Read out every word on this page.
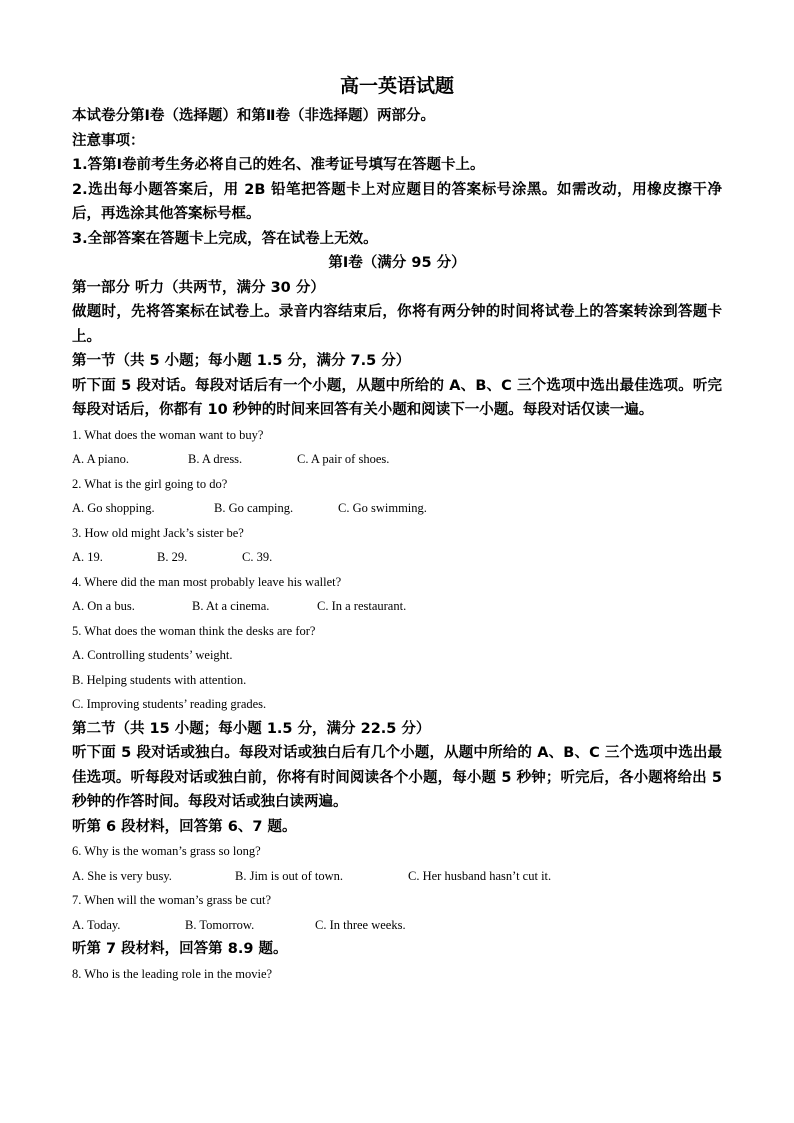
高一英语试题

本试卷分第Ⅰ卷（选择题）和第Ⅱ卷（非选择题）两部分。

注意事项：

1.答第Ⅰ卷前考生务必将自己的姓名、准考证号填写在答题卡上。

2.选出每小题答案后，用 2B 铅笔把答题卡上对应题目的答案标号涂黑。如需改动，用橡皮擦干净后，再选涂其他答案标号框。

3.全部答案在答题卡上完成，答在试卷上无效。

第Ⅰ卷（满分 95 分）

第一部分 听力（共两节，满分 30 分）

做题时，先将答案标在试卷上。录音内容结束后，你将有两分钟的时间将试卷上的答案转涂到答题卡上。

第一节（共 5 小题；每小题 1.5 分，满分 7.5 分）

听下面 5 段对话。每段对话后有一个小题，从题中所给的 A、B、C 三个选项中选出最佳选项。听完每段对话后，你都有 10 秒钟的时间来回答有关小题和阅读下一小题。每段对话仅读一遍。

1. What does the woman want to buy?

A. A piano.	B. A dress.	C. A pair of shoes.

2. What is the girl going to do?

A. Go shopping.	B. Go camping.	C. Go swimming.

3. How old might Jack’s sister be?

A. 19.	B. 29.	C. 39.

4. Where did the man most probably leave his wallet?

A. On a bus.	B. At a cinema.	C. In a restaurant.

5. What does the woman think the desks are for?

A. Controlling students’ weight.

B. Helping students with attention.

C. Improving students’ reading grades.

第二节（共 15 小题；每小题 1.5 分，满分 22.5 分）

听下面 5 段对话或独白。每段对话或独白后有几个小题，从题中所给的 A、B、C 三个选项中选出最佳选项。听每段对话或独白前，你将有时间阅读各个小题，每小题 5 秒钟；听完后，各小题将给出 5 秒钟的作答时间。每段对话或独白读两遍。

听第 6 段材料，回答第 6、7 题。

6. Why is the woman’s grass so long?

A. She is very busy.	B. Jim is out of town.	C. Her husband hasn’t cut it.

7. When will the woman’s grass be cut?

A. Today.	B. Tomorrow.	C. In three weeks.

听第 7 段材料，回答第 8.9 题。

8. Who is the leading role in the movie?
